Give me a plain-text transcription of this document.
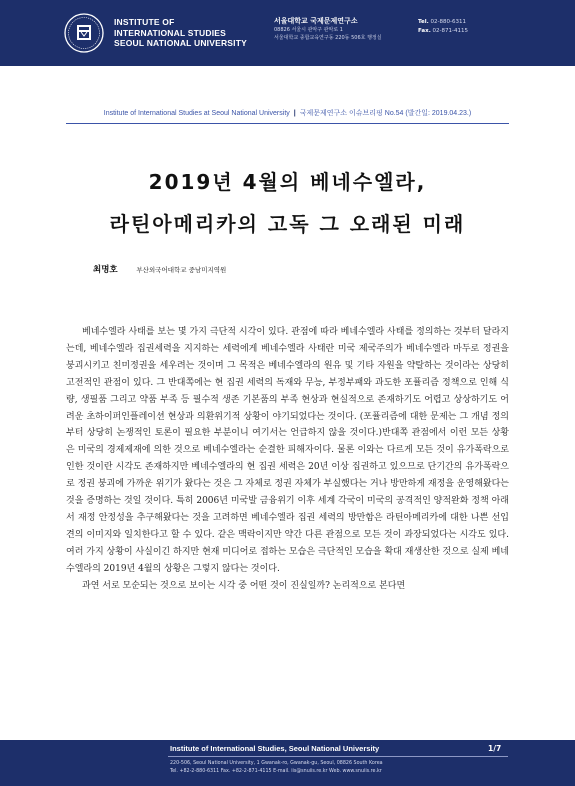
INSTITUTE OF
INTERNATIONAL STUDIES
SEOUL NATIONAL UNIVERSITY
서울대학교 국제문제연구소
08826 서울시 관악구 관악로 1
서울대학교 종합교육연구동 220동 506호 행정실
Tel. 02-880-6311
Fax. 02-871-4115
Institute of International Studies at Seoul National University | 국제문제연구소 이슈브리핑 No.54 (발간일: 2019.04.23.)
2019년 4월의 베네수엘라,
라틴아메리카의 고독 그 오래된 미래
최명호	부산외국어대학교 중남미지역원

베네수엘라 사태를 보는 몇 가지 극단적 시각이 있다. 관점에 따라 베네수엘라 사태를 정의하는 것부터 달라지는데, 베네수엘라 집권세력을 지지하는 세력에게 베네수엘라 사태란 미국 제국주의가 베네수엘라 마두로 정권을 붕괴시키고 친미정권을 세우려는 것이며 그 목적은 베네수엘라의 원유 및 기타 자원을 약탈하는 것이라는 상당히 고전적인 관점이 있다. 그 반대쪽에는 현 집권 세력의 독재와 무능, 부정부패와 과도한 포퓰리즘 정책으로 인해 식량, 생필품 그리고 약품 부족 등 필수적 생존 기본품의 부족 현상과 현실적으로 존재하기도 어렵고 상상하기도 어려운 초하이퍼인플레이션 현상과 의환위기적 상황이 야기되었다는 것이다. (포퓰리즘에 대한 문제는 그 개념 정의부터 상당히 논쟁적인 토론이 필요한 부분이니 여기서는 언급하지 않을 것이다.)반대쪽 관점에서 이런 모든 상황은 미국의 경제제재에 의한 것으로 베네수엘라는 순결한 피해자이다. 물론 이와는 다르게 모든 것이 유가폭락으로 인한 것이란 시각도 존재하지만 베네수엘라의 현 집권 세력은 20년 이상 집권하고 있으므로 단기간의 유가폭락으로 정권 붕괴에 가까운 위기가 왔다는 것은 그 자체로 정권 자체가 부실했다는 거나 방만하게 재정을 운영해왔다는 것을 증명하는 것일 것이다. 특히 2006년 미국발 금융위기 이후 세계 각국이 미국의 공격적인 양적완화 정책 아래서 재정 안정성을 추구해왔다는 것을 고려하면 베네수엘라 집권 세력의 방만함은 라틴아메리카에 대한 나쁜 선입견의 이미지와 일치한다고 할 수 있다. 같은 맥락이지만 약간 다른 관점으로 모든 것이 과장되었다는 시각도 있다. 여러 가지 상황이 사실이긴 하지만 현재 미디어로 접하는 모습은 극단적인 모습을 확대 재생산한 것으로 실제 베네수엘라의 2019년 4월의 상황은 그렇지 않다는 것이다.

과연 서로 모순되는 것으로 보이는 시각 중 어떤 것이 진실일까? 논리적으로 본다면

Institute of International Studies, Seoul National University	1/7
220-506, Seoul National University, 1 Gwanak-ro, Gwanak-gu, Seoul, 08826 South Korea
Tel. +82-2-880-6311 Fax. +82-2-871-4115 E-mail. iis@snuiis.re.kr Web. www.snuiis.re.kr
